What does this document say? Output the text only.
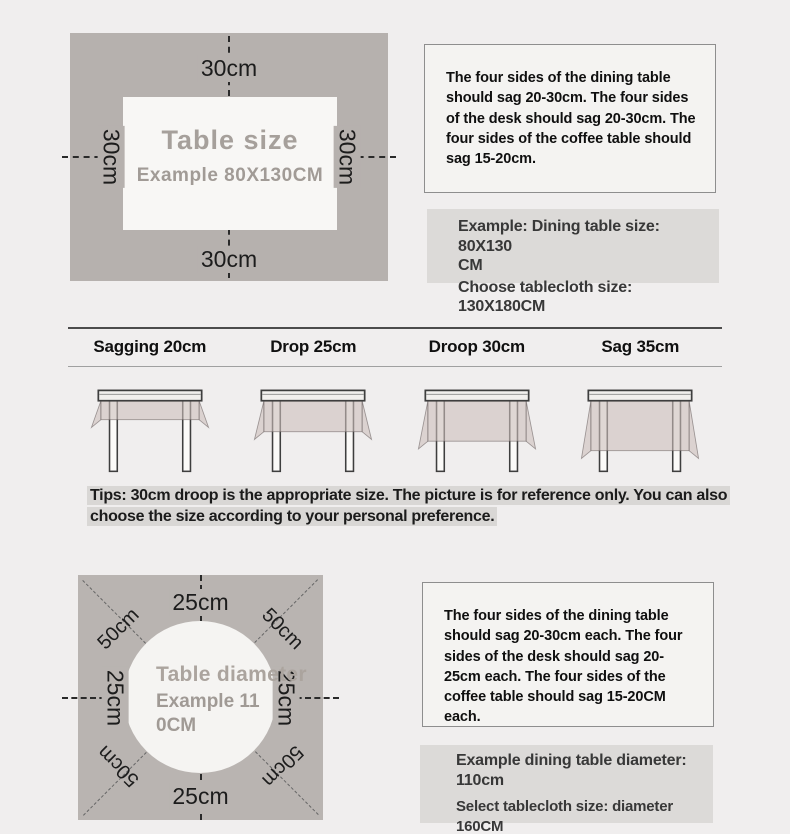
Table size
Example 80X130CM
30cm
30cm
30cm	30cm

The four sides of the dining table should sag 20-30cm. The four sides of the desk should sag 20-30cm. The four sides of the coffee table should sag 15-20cm.

Example: Dining table size: 80X130
CM
Choose tablecloth size: 130X180CM
Sagging 20cm	Drop 25cm	Droop 30cm	Sag 35cm
Tips: 30cm droop is the appropriate size. The picture is for reference only. You can also choose the size according to your personal preference.
25cm
25cm
25cm	25cm
50cm	50cm
50cm	50cm
Table diameter
Example 11
0CM

The four sides of the dining table should sag 20-30cm each. The four sides of the desk should sag 20-25cm each. The four sides of the coffee table should sag 15-20CM each.

Example dining table diameter:
110cm
Select tablecloth size: diameter 160CM
